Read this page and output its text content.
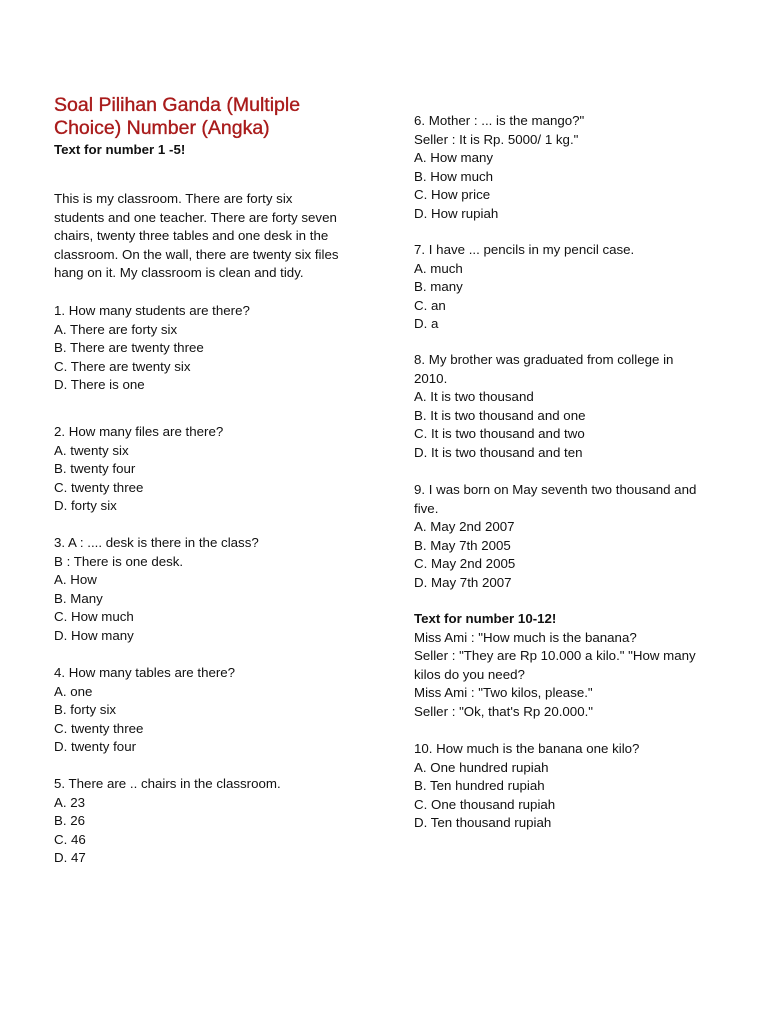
Soal Pilihan Ganda (Multiple Choice) Number (Angka)
Text for number 1 -5!
This is my classroom. There are forty six
students and one teacher. There are forty seven
chairs, twenty three tables and one desk in the
classroom. On the wall, there are twenty six files
hang on it. My classroom is clean and tidy.
1. How many students are there?
A. There are forty six
B. There are twenty three
C. There are twenty six
D. There is one
2. How many files are there?
A. twenty six
B. twenty four
C. twenty three
D. forty six
3. A : .... desk is there in the class?
B : There is one desk.
A. How
B. Many
C. How much
D. How many
4. How many tables are there?
A. one
B. forty six
C. twenty three
D. twenty four
5. There are .. chairs in the classroom.
A. 23
B. 26
C. 46
D. 47
6. Mother : ... is the mango?"
Seller : It is Rp. 5000/ 1 kg."
A. How many
B. How much
C. How price
D. How rupiah
7. I have ... pencils in my pencil case.
A. much
B. many
C. an
D. a
8. My brother was graduated from college in
2010.
A. It is two thousand
B. It is two thousand and one
C. It is two thousand and two
D. It is two thousand and ten
9. I was born on May seventh two thousand and
five.
A. May 2nd 2007
B. May 7th 2005
C. May 2nd 2005
D. May 7th 2007
Text for number 10-12!
Miss Ami : "How much is the banana?
Seller : "They are Rp 10.000 a kilo." "How many
kilos do you need?
Miss Ami : "Two kilos, please."
Seller : "Ok, that's Rp 20.000."
10. How much is the banana one kilo?
A. One hundred rupiah
B. Ten hundred rupiah
C. One thousand rupiah
D. Ten thousand rupiah
